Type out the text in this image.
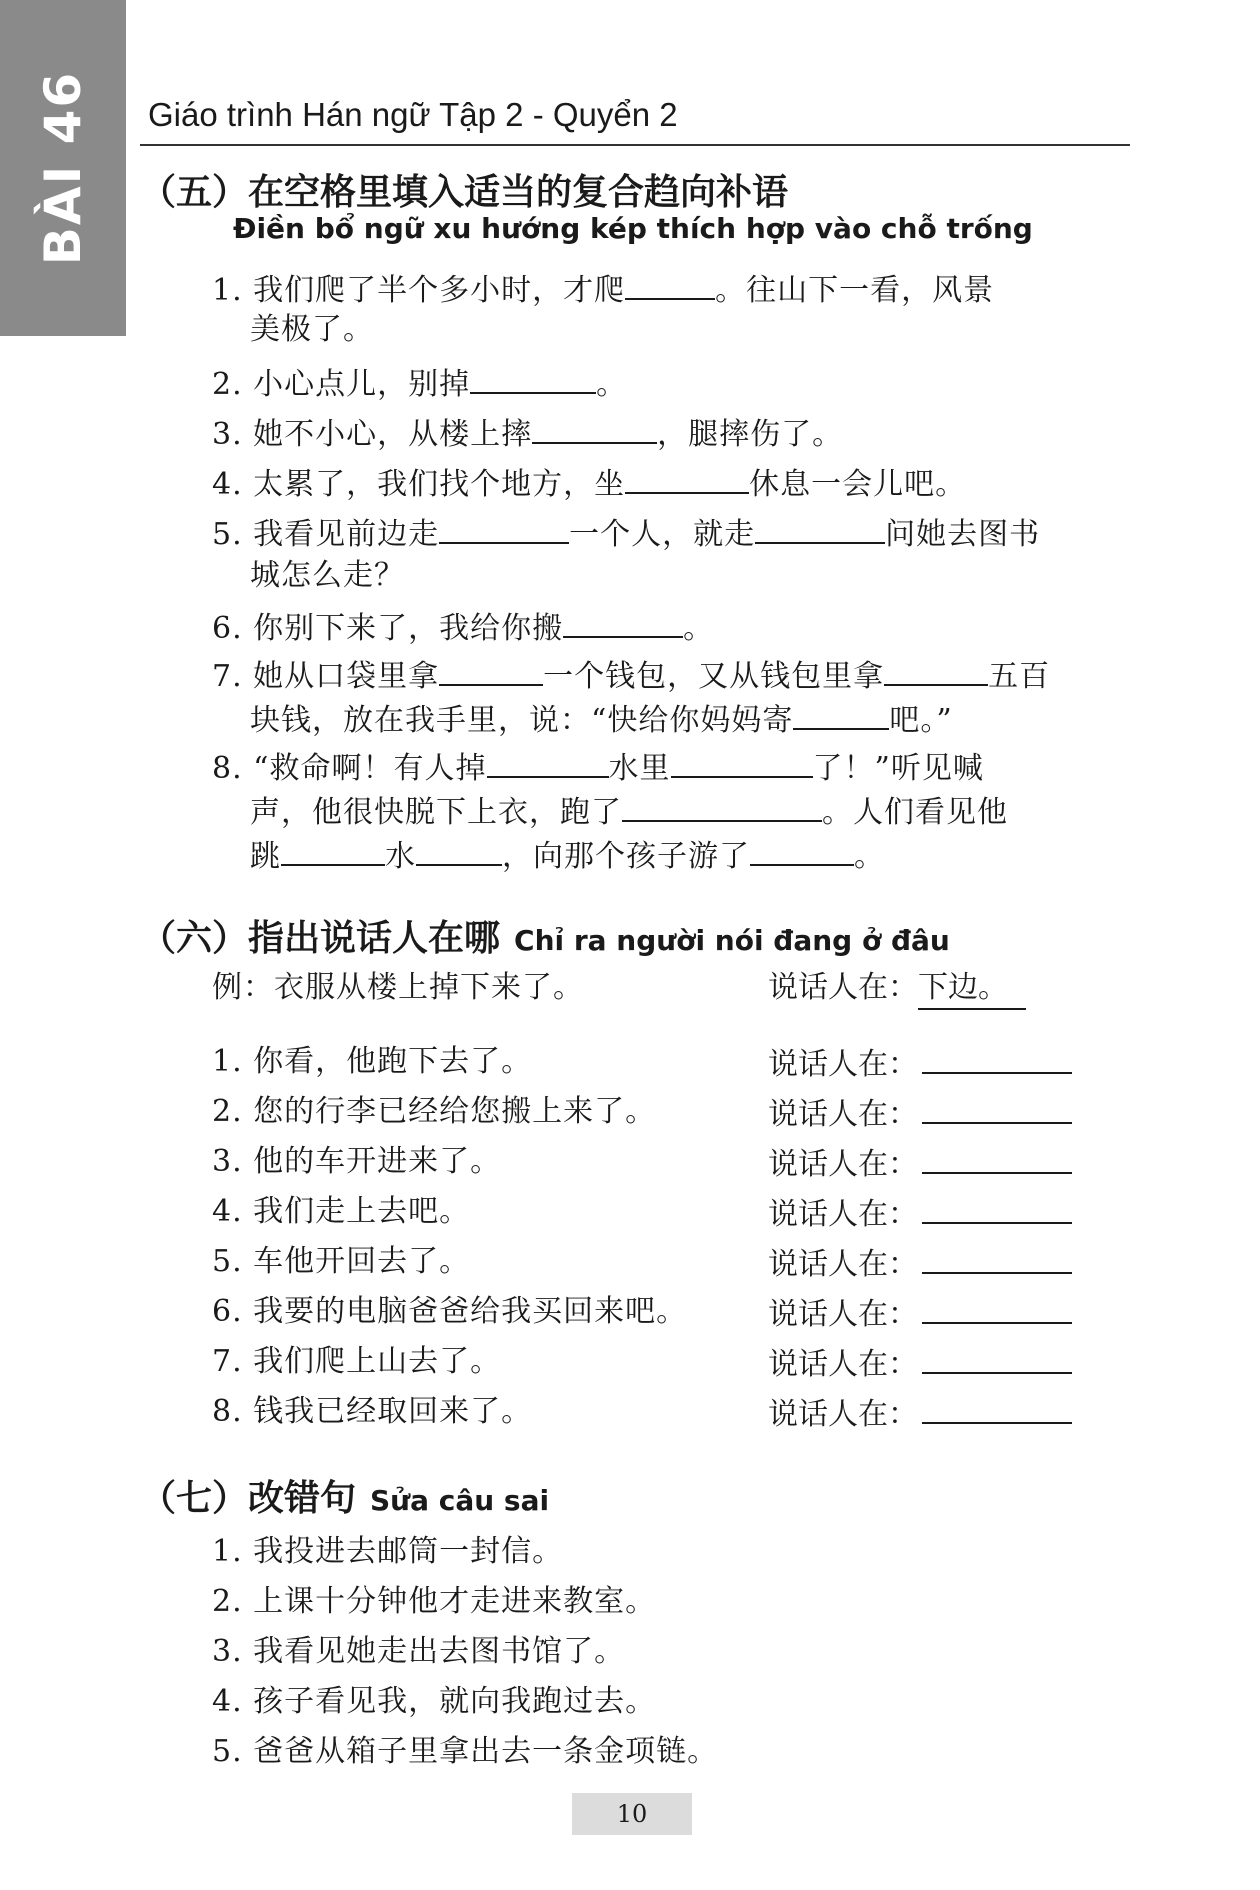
BÀI 46 Giáo trình Hán ngữ Tập 2 - Quyển 2
（五）在空格里填入适当的复合趋向补语
Điền bổ ngữ xu hướng kép thích hợp vào chỗ trống
1. 我们爬了半个多小时，才爬	。往山下一看，风景
美极了。
2. 小心点儿，别掉	。
3. 她不小心，从楼上摔	，腿摔伤了。
4. 太累了，我们找个地方，坐	休息一会儿吧。
5. 我看见前边走	一个人，就走	问她去图书
城怎么走？
6. 你别下来了，我给你搬	。
7. 她从口袋里拿	一个钱包，又从钱包里拿	五百
块钱，放在我手里，说：“快给你妈妈寄	吧。”
8. “救命啊！有人掉	水里	了！”听见喊
声，他很快脱下上衣，跑了	。人们看见他
跳	水	，向那个孩子游了	。
（六）指出说话人在哪 Chỉ ra người nói đang ở đâu
例：衣服从楼上掉下来了。	说话人在：下边。
1. 你看，他跑下去了。	说话人在：
2. 您的行李已经给您搬上来了。	说话人在：
3. 他的车开进来了。	说话人在：
4. 我们走上去吧。	说话人在：
5. 车他开回去了。	说话人在：
6. 我要的电脑爸爸给我买回来吧。	说话人在：
7. 我们爬上山去了。	说话人在：
8. 钱我已经取回来了。	说话人在：
（七）改错句 Sửa câu sai
1. 我投进去邮筒一封信。
2. 上课十分钟他才走进来教室。
3. 我看见她走出去图书馆了。
4. 孩子看见我，就向我跑过去。
5. 爸爸从箱子里拿出去一条金项链。
10
